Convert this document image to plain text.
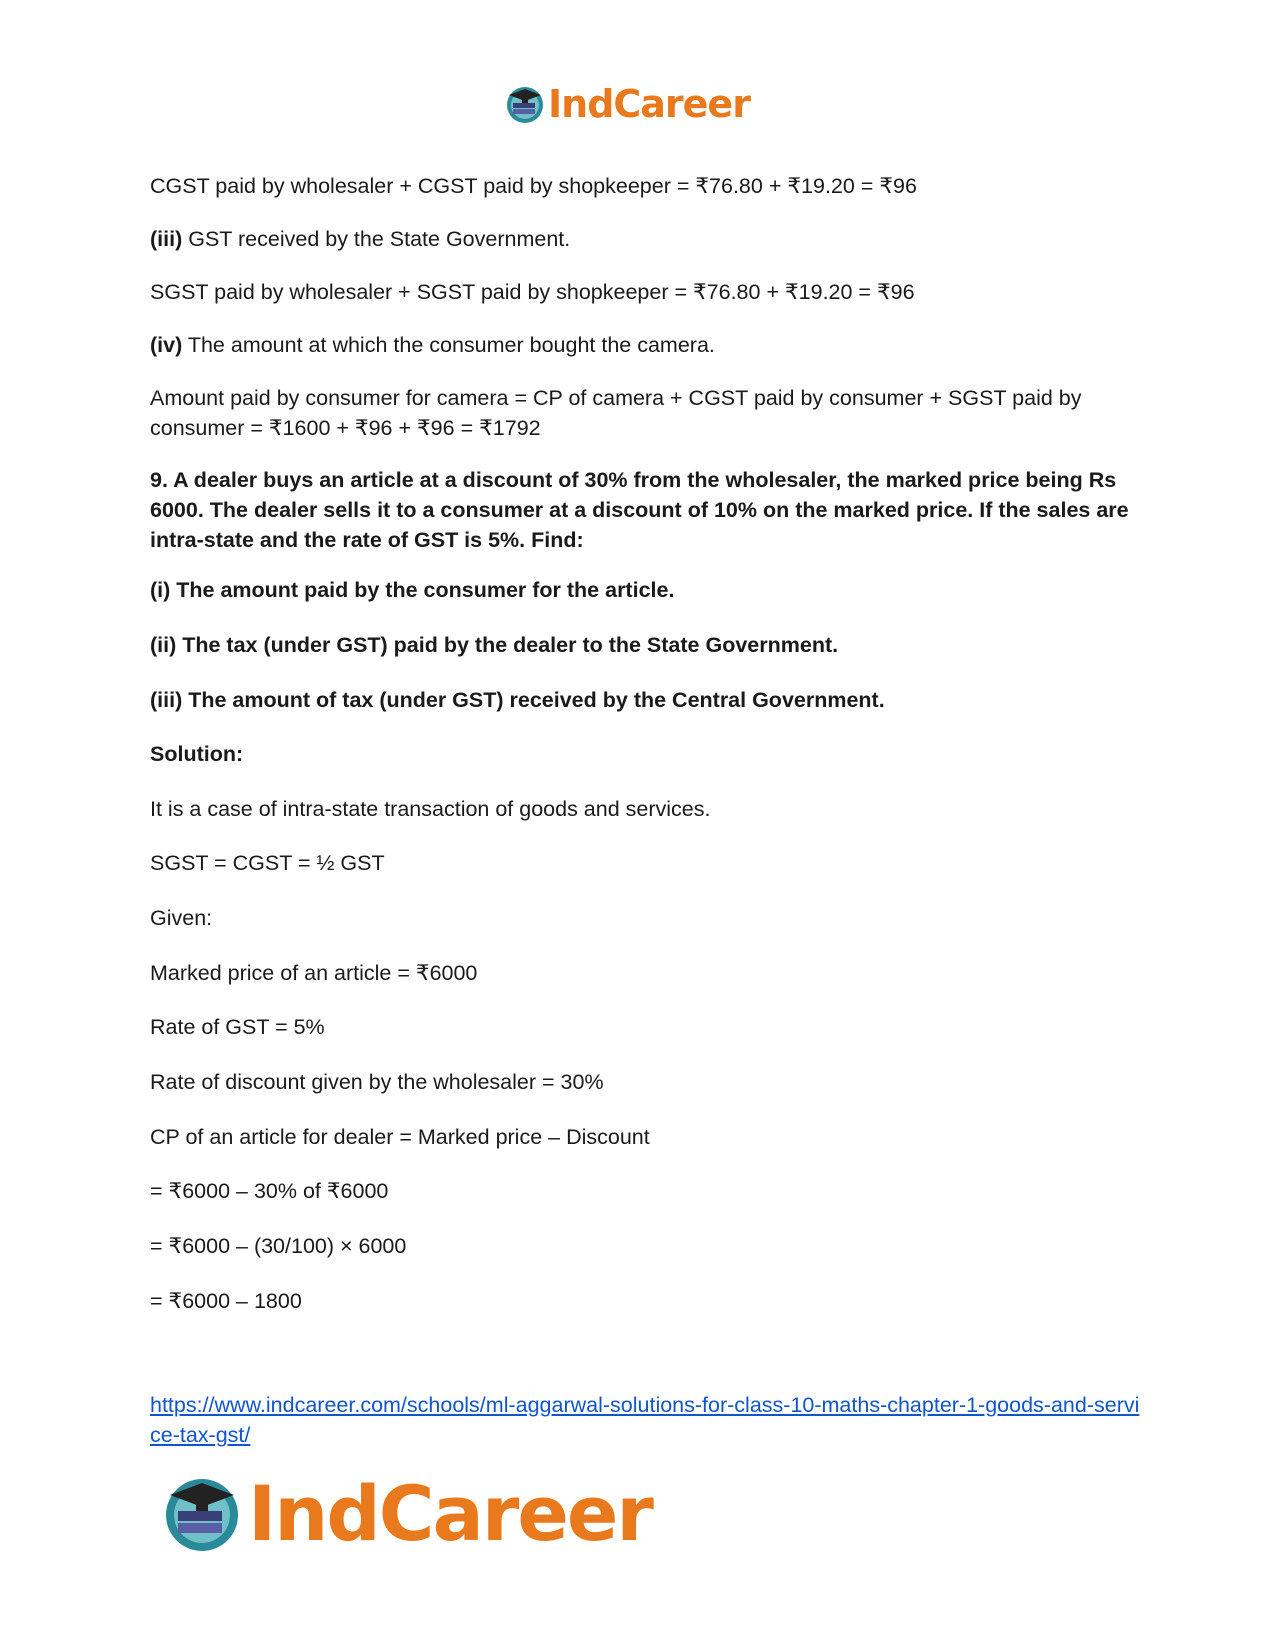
IndCareer
CGST paid by wholesaler + CGST paid by shopkeeper = ₹76.80 + ₹19.20 = ₹96
(iii) GST received by the State Government.
SGST paid by wholesaler + SGST paid by shopkeeper = ₹76.80 + ₹19.20 = ₹96
(iv) The amount at which the consumer bought the camera.
Amount paid by consumer for camera = CP of camera + CGST paid by consumer + SGST paid by consumer = ₹1600 + ₹96 + ₹96 = ₹1792
9. A dealer buys an article at a discount of 30% from the wholesaler, the marked price being Rs 6000. The dealer sells it to a consumer at a discount of 10% on the marked price. If the sales are intra-state and the rate of GST is 5%. Find:
(i) The amount paid by the consumer for the article.
(ii) The tax (under GST) paid by the dealer to the State Government.
(iii) The amount of tax (under GST) received by the Central Government.
Solution:
It is a case of intra-state transaction of goods and services.
SGST = CGST = ½ GST
Given:
Marked price of an article = ₹6000
Rate of GST = 5%
Rate of discount given by the wholesaler = 30%
CP of an article for dealer = Marked price – Discount
= ₹6000 – 30% of ₹6000
= ₹6000 – (30/100) × 6000
= ₹6000 – 1800
https://www.indcareer.com/schools/ml-aggarwal-solutions-for-class-10-maths-chapter-1-goods-and-service-tax-gst/
IndCareer
